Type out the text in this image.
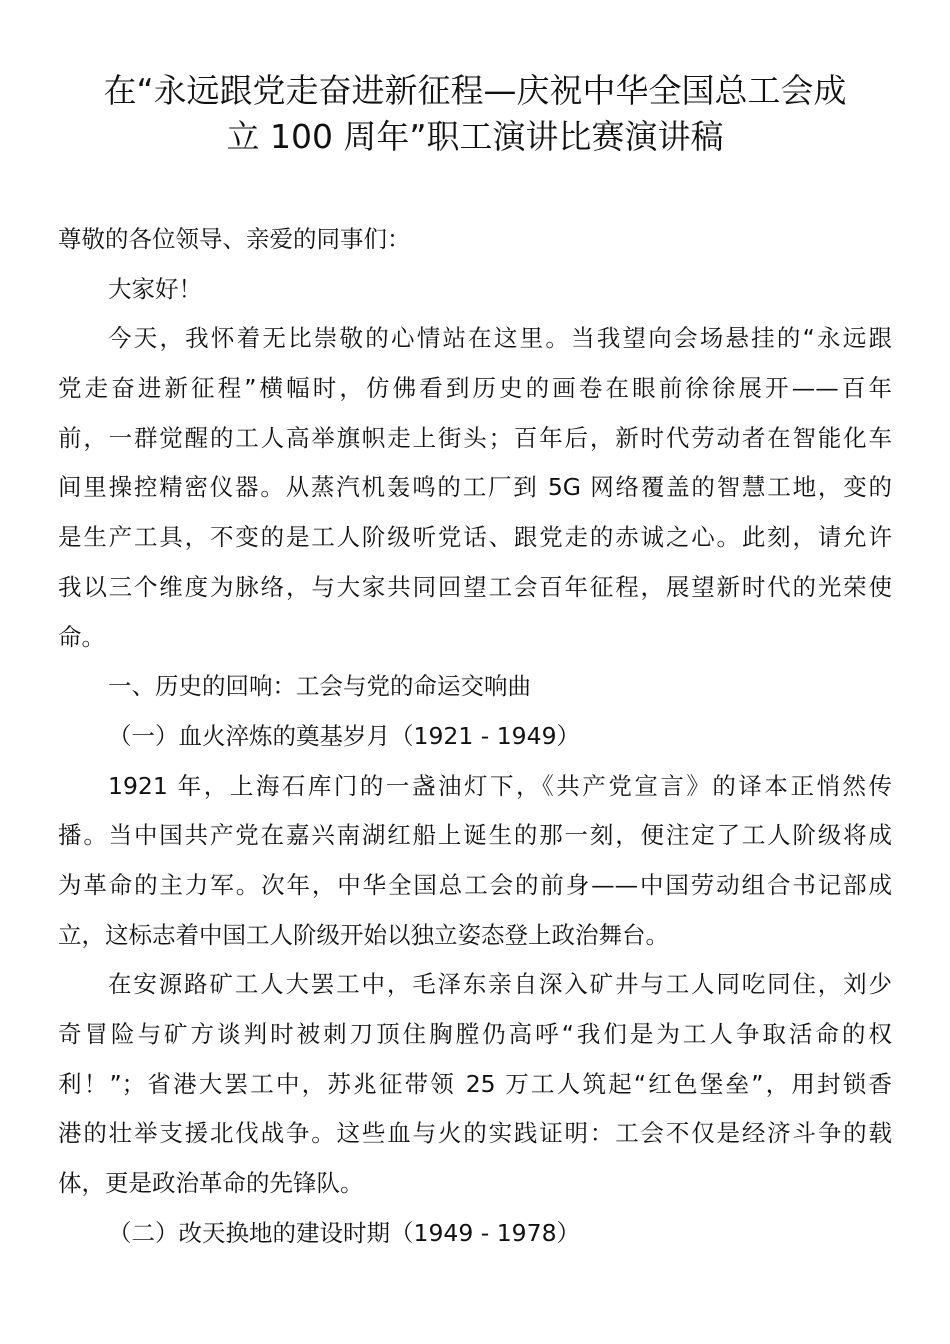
在“永远跟党走奋进新征程—庆祝中华全国总工会成
立 100 周年”职工演讲比赛演讲稿

尊敬的各位领导、亲爱的同事们：

大家好！

今天，我怀着无比崇敬的心情站在这里。当我望向会场悬挂的“永远跟

党走奋进新征程”横幅时，仿佛看到历史的画卷在眼前徐徐展开——百年

前，一群觉醒的工人高举旗帜走上街头；百年后，新时代劳动者在智能化车

间里操控精密仪器。从蒸汽机轰鸣的工厂到 5G 网络覆盖的智慧工地，变的

是生产工具，不变的是工人阶级听党话、跟党走的赤诚之心。此刻，请允许

我以三个维度为脉络，与大家共同回望工会百年征程，展望新时代的光荣使

命。

一、历史的回响：工会与党的命运交响曲

（一）血火淬炼的奠基岁月（1921 - 1949）

1921 年，上海石库门的一盏油灯下，《共产党宣言》的译本正悄然传

播。当中国共产党在嘉兴南湖红船上诞生的那一刻，便注定了工人阶级将成

为革命的主力军。次年，中华全国总工会的前身——中国劳动组合书记部成

立，这标志着中国工人阶级开始以独立姿态登上政治舞台。

在安源路矿工人大罢工中，毛泽东亲自深入矿井与工人同吃同住，刘少

奇冒险与矿方谈判时被刺刀顶住胸膛仍高呼“我们是为工人争取活命的权

利！”；省港大罢工中，苏兆征带领 25 万工人筑起“红色堡垒”，用封锁香

港的壮举支援北伐战争。这些血与火的实践证明：工会不仅是经济斗争的载

体，更是政治革命的先锋队。

（二）改天换地的建设时期（1949 - 1978）
